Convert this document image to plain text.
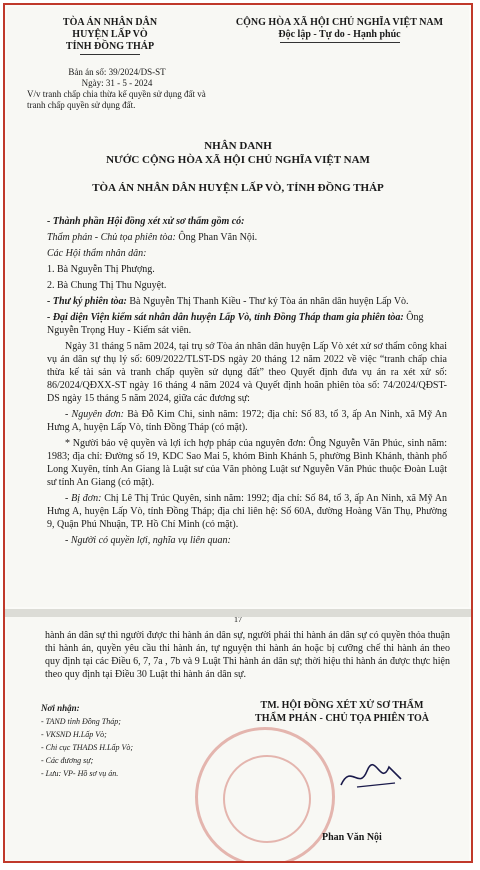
TÒA ÁN NHÂN DÂN
HUYỆN LẤP VÒ
TỈNH ĐỒNG THÁP
CỘNG HÒA XÃ HỘI CHỦ NGHĨA VIỆT NAM
Độc lập - Tự do - Hạnh phúc
Bản án số: 39/2024/DS-ST
Ngày: 31 - 5 - 2024
V/v tranh chấp chia thừa kế quyền sử dụng đất và tranh chấp quyền sử dụng đất.
NHÂN DANH
NƯỚC CỘNG HÒA XÃ HỘI CHỦ NGHĨA VIỆT NAM
TÒA ÁN NHÂN DÂN HUYỆN LẤP VÒ, TỈNH ĐỒNG THÁP

- Thành phần Hội đồng xét xử sơ thẩm gồm có:

Thẩm phán - Chủ tọa phiên tòa: Ông Phan Văn Nội.

Các Hội thẩm nhân dân:

1. Bà Nguyễn Thị Phượng.

2. Bà Chung Thị Thu Nguyệt.

- Thư ký phiên tòa: Bà Nguyễn Thị Thanh Kiều - Thư ký Tòa án nhân dân huyện Lấp Vò.

- Đại diện Viện kiểm sát nhân dân huyện Lấp Vò, tỉnh Đồng Tháp tham gia phiên tòa: Ông Nguyễn Trọng Huy - Kiểm sát viên.

Ngày 31 tháng 5 năm 2024, tại trụ sở Tòa án nhân dân huyện Lấp Vò xét xử sơ thẩm công khai vụ án dân sự thụ lý số: 609/2022/TLST-DS ngày 20 tháng 12 năm 2022 về việc “tranh chấp chia thừa kế tài sản và tranh chấp quyền sử dụng đất” theo Quyết định đưa vụ án ra xét xử số: 86/2024/QĐXX-ST ngày 16 tháng 4 năm 2024 và Quyết định hoãn phiên tòa số: 74/2024/QĐST-DS ngày 15 tháng 5 năm 2024, giữa các đương sự:

- Nguyên đơn: Bà Đỗ Kim Chi, sinh năm: 1972; địa chỉ: Số 83, tổ 3, ấp An Ninh, xã Mỹ An Hưng A, huyện Lấp Vò, tỉnh Đồng Tháp (có mặt).

* Người bảo vệ quyền và lợi ích hợp pháp của nguyên đơn: Ông Nguyễn Văn Phúc, sinh năm: 1983; địa chỉ: Đường số 19, KDC Sao Mai 5, khóm Bình Khánh 5, phường Bình Khánh, thành phố Long Xuyên, tỉnh An Giang là Luật sư của Văn phòng Luật sư Nguyễn Văn Phúc thuộc Đoàn Luật sư tỉnh An Giang (có mặt).

- Bị đơn: Chị Lê Thị Trúc Quyên, sinh năm: 1992; địa chỉ: Số 84, tổ 3, ấp An Ninh, xã Mỹ An Hưng A, huyện Lấp Vò, tỉnh Đồng Tháp; địa chỉ liên hệ: Số 60A, đường Hoàng Văn Thụ, Phường 9, Quận Phú Nhuận, TP. Hồ Chí Minh (có mặt).

- Người có quyền lợi, nghĩa vụ liên quan:

17
hành án dân sự thì người được thi hành án dân sự, người phải thi hành án dân sự có quyền thỏa thuận thi hành án, quyền yêu cầu thi hành án, tự nguyện thi hành án hoặc bị cưỡng chế thi hành án theo quy định tại các Điều 6, 7, 7a , 7b và 9 Luật Thi hành án dân sự; thời hiệu thi hành án được thực hiện theo quy định tại Điều 30 Luật thi hành án dân sự.
Nơi nhận:
- TAND tỉnh Đồng Tháp;
- VKSND H.Lấp Vò;
- Chi cục THADS H.Lấp Vò;
- Các đương sự;
- Lưu: VP- Hồ sơ vụ án.
TM. HỘI ĐỒNG XÉT XỬ SƠ THẨM
THẨM PHÁN - CHỦ TỌA PHIÊN TOÀ
Phan Văn Nội
